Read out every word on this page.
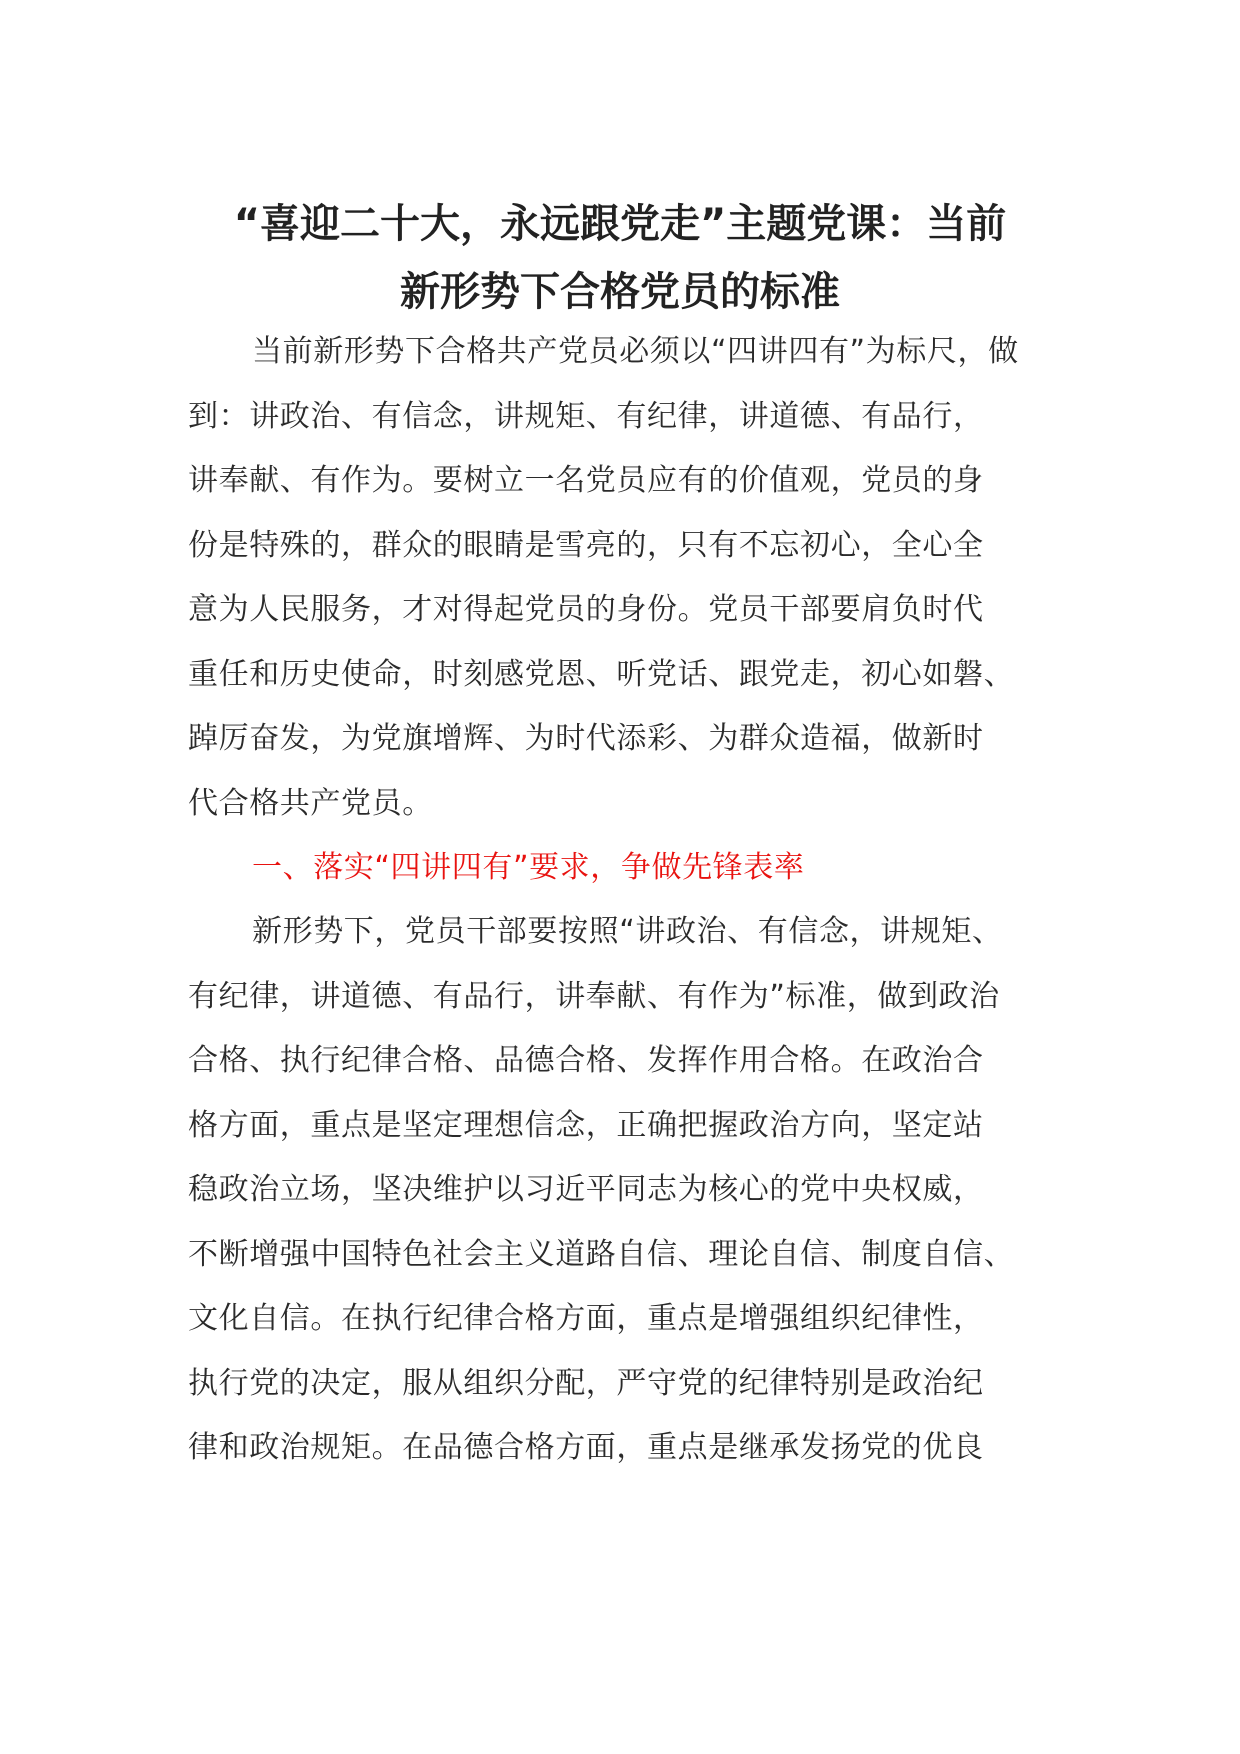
“喜迎二十大，永远跟党走”主题党课：当前
新形势下合格党员的标准
当前新形势下合格共产党员必须以“四讲四有”为标尺，做
到：讲政治、有信念，讲规矩、有纪律，讲道德、有品行，
讲奉献、有作为。要树立一名党员应有的价值观，党员的身
份是特殊的，群众的眼睛是雪亮的，只有不忘初心，全心全
意为人民服务，才对得起党员的身份。党员干部要肩负时代
重任和历史使命，时刻感党恩、听党话、跟党走，初心如磐、
踔厉奋发，为党旗增辉、为时代添彩、为群众造福，做新时
代合格共产党员。
一、落实“四讲四有”要求，争做先锋表率
新形势下，党员干部要按照“讲政治、有信念，讲规矩、
有纪律，讲道德、有品行，讲奉献、有作为”标准，做到政治
合格、执行纪律合格、品德合格、发挥作用合格。在政治合
格方面，重点是坚定理想信念，正确把握政治方向，坚定站
稳政治立场，坚决维护以习近平同志为核心的党中央权威，
不断增强中国特色社会主义道路自信、理论自信、制度自信、
文化自信。在执行纪律合格方面，重点是增强组织纪律性，
执行党的决定，服从组织分配，严守党的纪律特别是政治纪
律和政治规矩。在品德合格方面，重点是继承发扬党的优良
